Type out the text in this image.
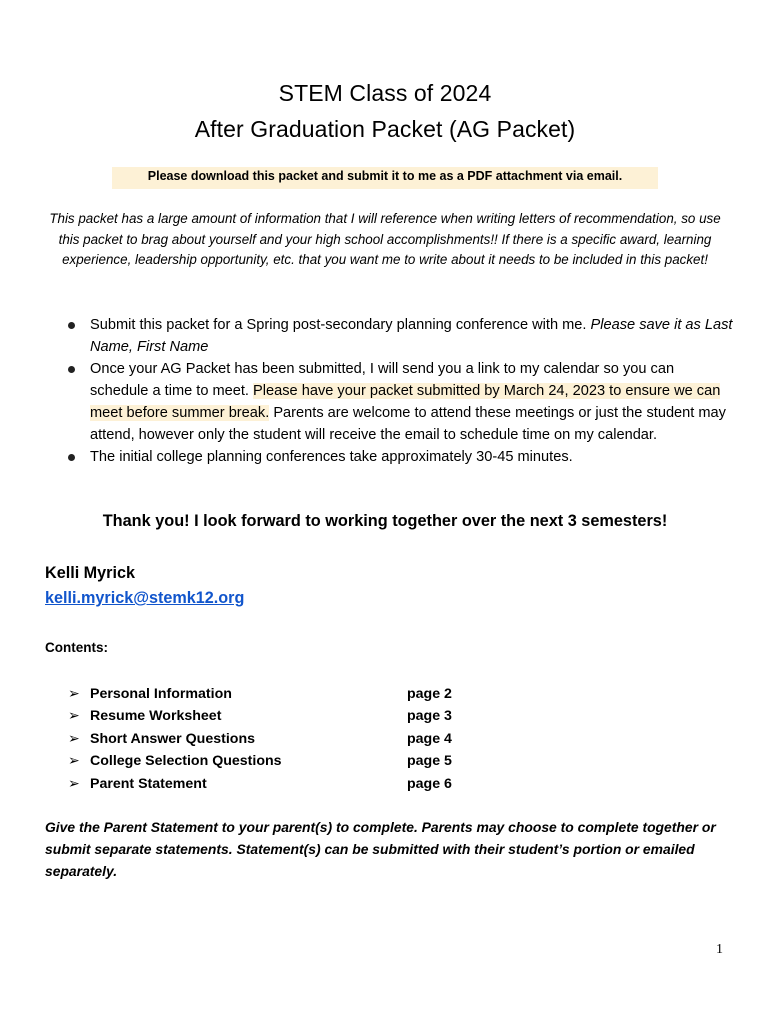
STEM Class of 2024
After Graduation Packet (AG Packet)
Please download this packet and submit it to me as a PDF attachment via email.
This packet has a large amount of information that I will reference when writing letters of recommendation, so use this packet to brag about yourself and your high school accomplishments!! If there is a specific award, learning experience, leadership opportunity, etc. that you want me to write about it needs to be included in this packet!
Submit this packet for a Spring post-secondary planning conference with me. Please save it as Last Name, First Name
Once your AG Packet has been submitted, I will send you a link to my calendar so you can schedule a time to meet. Please have your packet submitted by March 24, 2023 to ensure we can meet before summer break. Parents are welcome to attend these meetings or just the student may attend, however only the student will receive the email to schedule time on my calendar.
The initial college planning conferences take approximately 30-45 minutes.
Thank you! I look forward to working together over the next 3 semesters!
Kelli Myrick
kelli.myrick@stemk12.org
Contents:
➢ Personal Information	page 2
➢ Resume Worksheet	page 3
➢ Short Answer Questions	page 4
➢ College Selection Questions	page 5
➢ Parent Statement	page 6
Give the Parent Statement to your parent(s) to complete. Parents may choose to complete together or submit separate statements. Statement(s) can be submitted with their student’s portion or emailed separately.
1
